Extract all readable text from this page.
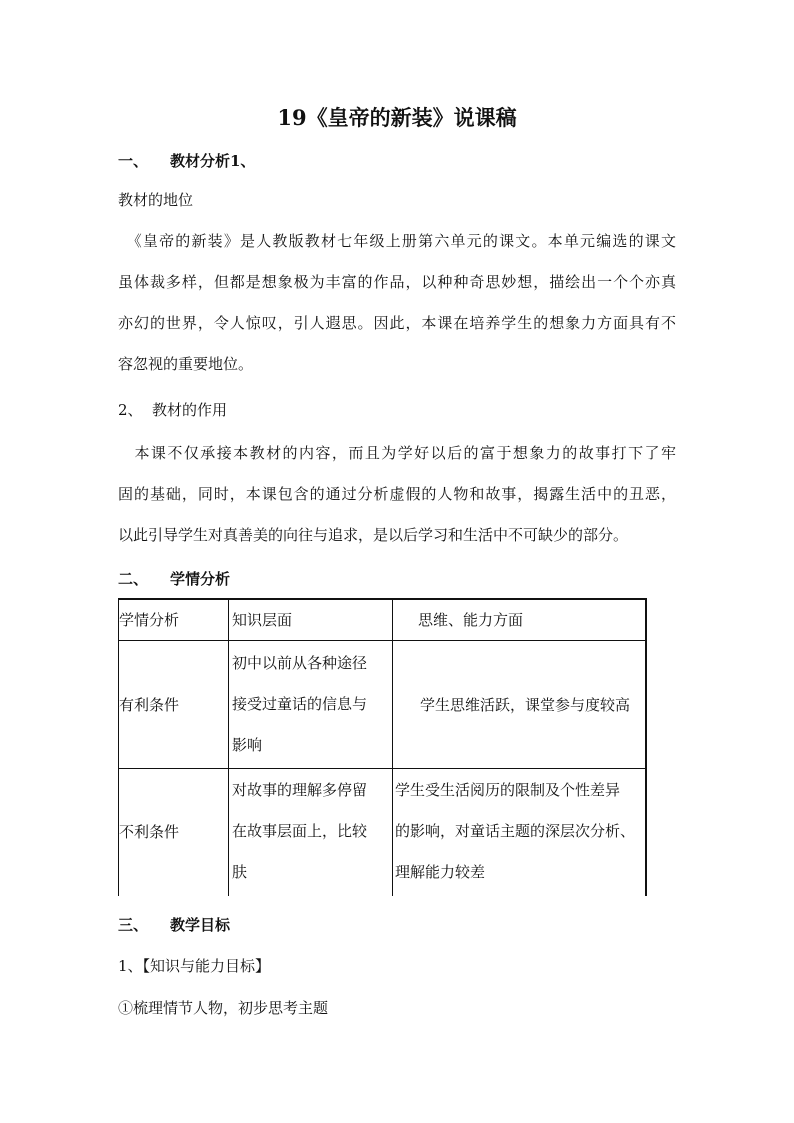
19《皇帝的新装》说课稿
一、 教材分析1、
教材的地位
　《皇帝的新装》是人教版教材七年级上册第六单元的课文。本单元编选的课文
虽体裁多样，但都是想象极为丰富的作品，以种种奇思妙想，描绘出一个个亦真
亦幻的世界，令人惊叹，引人遐思。因此，本课在培养学生的想象力方面具有不
容忽视的重要地位。
2、 教材的作用
　本课不仅承接本教材的内容，而且为学好以后的富于想象力的故事打下了牢
固的基础，同时，本课包含的通过分析虚假的人物和故事，揭露生活中的丑恶，
以此引导学生对真善美的向往与追求，是以后学习和生活中不可缺少的部分。
二、 学情分析
学情分析	知识层面	思维、能力方面
有利条件
初中以前从各种途径
接受过童话的信息与
影响
学生思维活跃，课堂参与度较高
不利条件
对故事的理解多停留
在故事层面上，比较
肤
学生受生活阅历的限制及个性差异
的影响，对童话主题的深层次分析、
理解能力较差
三、 教学目标
1、【知识与能力目标】
①梳理情节人物，初步思考主题
